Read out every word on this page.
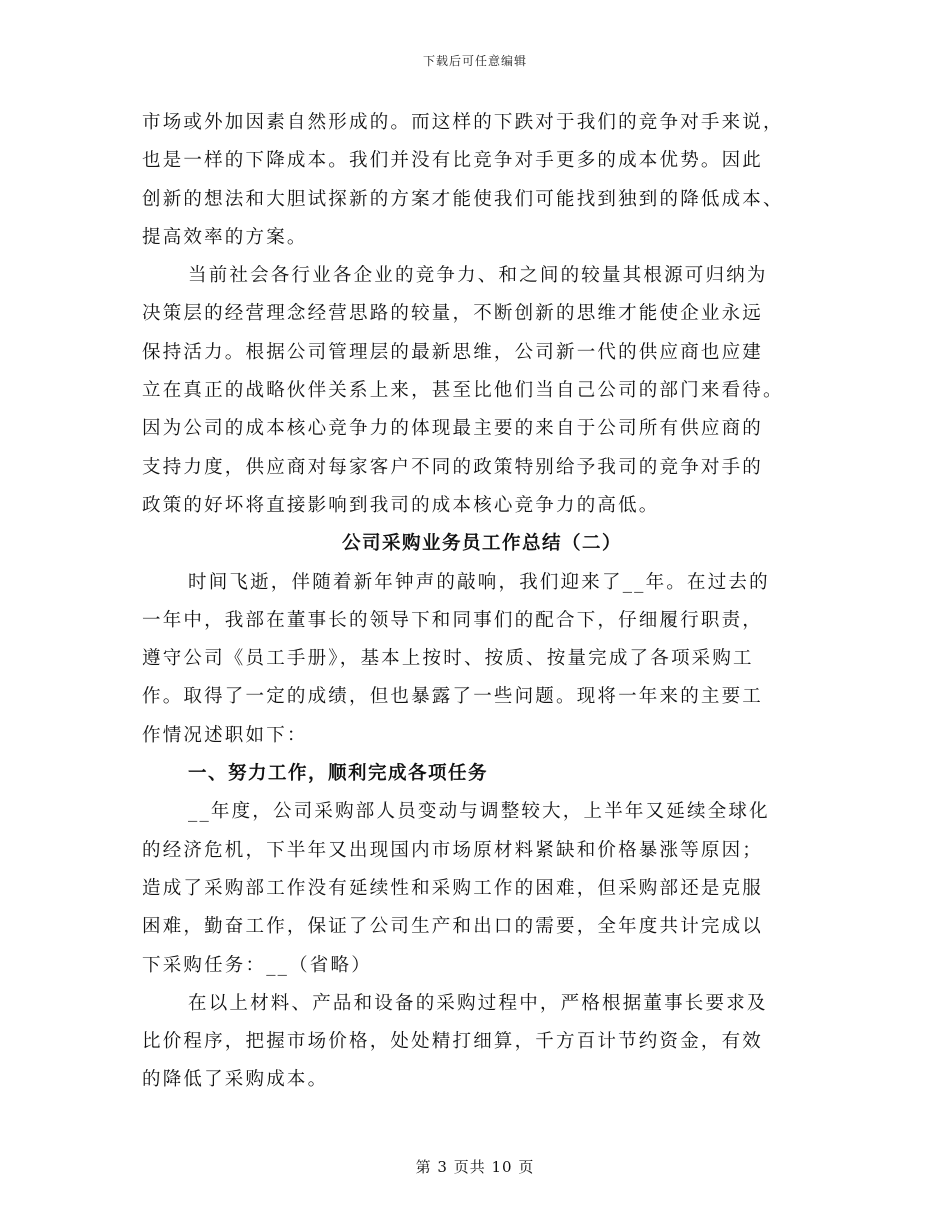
下载后可任意编辑
市场或外加因素自然形成的。而这样的下跌对于我们的竞争对手来说，
也是一样的下降成本。我们并没有比竞争对手更多的成本优势。因此
创新的想法和大胆试探新的方案才能使我们可能找到独到的降低成本、
提高效率的方案。
当前社会各行业各企业的竞争力、和之间的较量其根源可归纳为
决策层的经营理念经营思路的较量，不断创新的思维才能使企业永远
保持活力。根据公司管理层的最新思维，公司新一代的供应商也应建
立在真正的战略伙伴关系上来，甚至比他们当自己公司的部门来看待。
因为公司的成本核心竞争力的体现最主要的来自于公司所有供应商的
支持力度，供应商对每家客户不同的政策特别给予我司的竞争对手的
政策的好坏将直接影响到我司的成本核心竞争力的高低。
公司采购业务员工作总结（二）
时间飞逝，伴随着新年钟声的敲响，我们迎来了__年。在过去的
一年中，我部在董事长的领导下和同事们的配合下，仔细履行职责，
遵守公司《员工手册》，基本上按时、按质、按量完成了各项采购工
作。取得了一定的成绩，但也暴露了一些问题。现将一年来的主要工
作情况述职如下：
一、努力工作，顺利完成各项任务
__年度，公司采购部人员变动与调整较大，上半年又延续全球化
的经济危机，下半年又出现国内市场原材料紧缺和价格暴涨等原因；
造成了采购部工作没有延续性和采购工作的困难，但采购部还是克服
困难，勤奋工作，保证了公司生产和出口的需要，全年度共计完成以
下采购任务：__（省略）
在以上材料、产品和设备的采购过程中，严格根据董事长要求及
比价程序，把握市场价格，处处精打细算，千方百计节约资金，有效
的降低了采购成本。
第 3 页共 10 页
